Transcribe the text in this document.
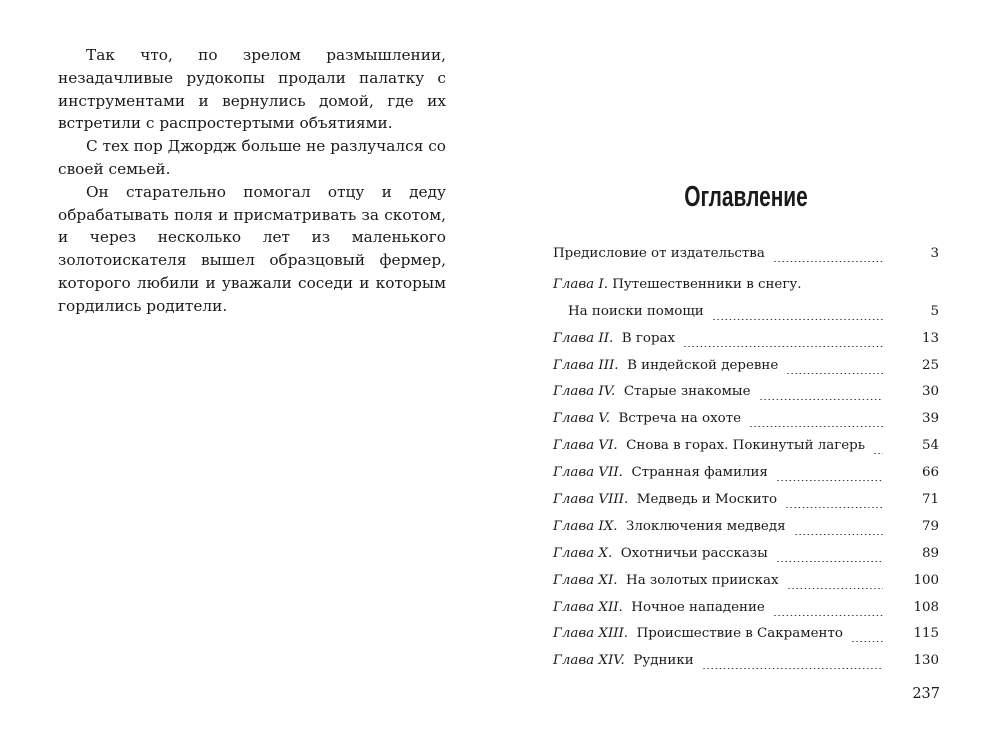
Так что, по зрелом размышлении, незадачливые рудокопы продали палатку с инструментами и вернулись домой, где их встретили с распростертыми объятиями.

С тех пор Джордж больше не разлучался со своей семьей.

Он старательно помогал отцу и деду обрабатывать поля и присматривать за скотом, и через несколько лет из маленького золотоискателя вышел образцовый фермер, которого любили и уважали соседи и которым гордились родители.

Оглавление
Предисловие от издательства	3
Глава I. Путешественники в снегу.
На поиски помощи	5
Глава II. В горах	13
Глава III. В индейской деревне	25
Глава IV. Старые знакомые	30
Глава V. Встреча на охоте	39
Глава VI. Снова в горах. Покинутый лагерь	54
Глава VII. Странная фамилия	66
Глава VIII. Медведь и Москито	71
Глава IX. Злоключения медведя	79
Глава X. Охотничьи рассказы	89
Глава XI. На золотых приисках	100
Глава XII. Ночное нападение	108
Глава XIII. Происшествие в Сакраменто	115
Глава XIV. Рудники	130
237
